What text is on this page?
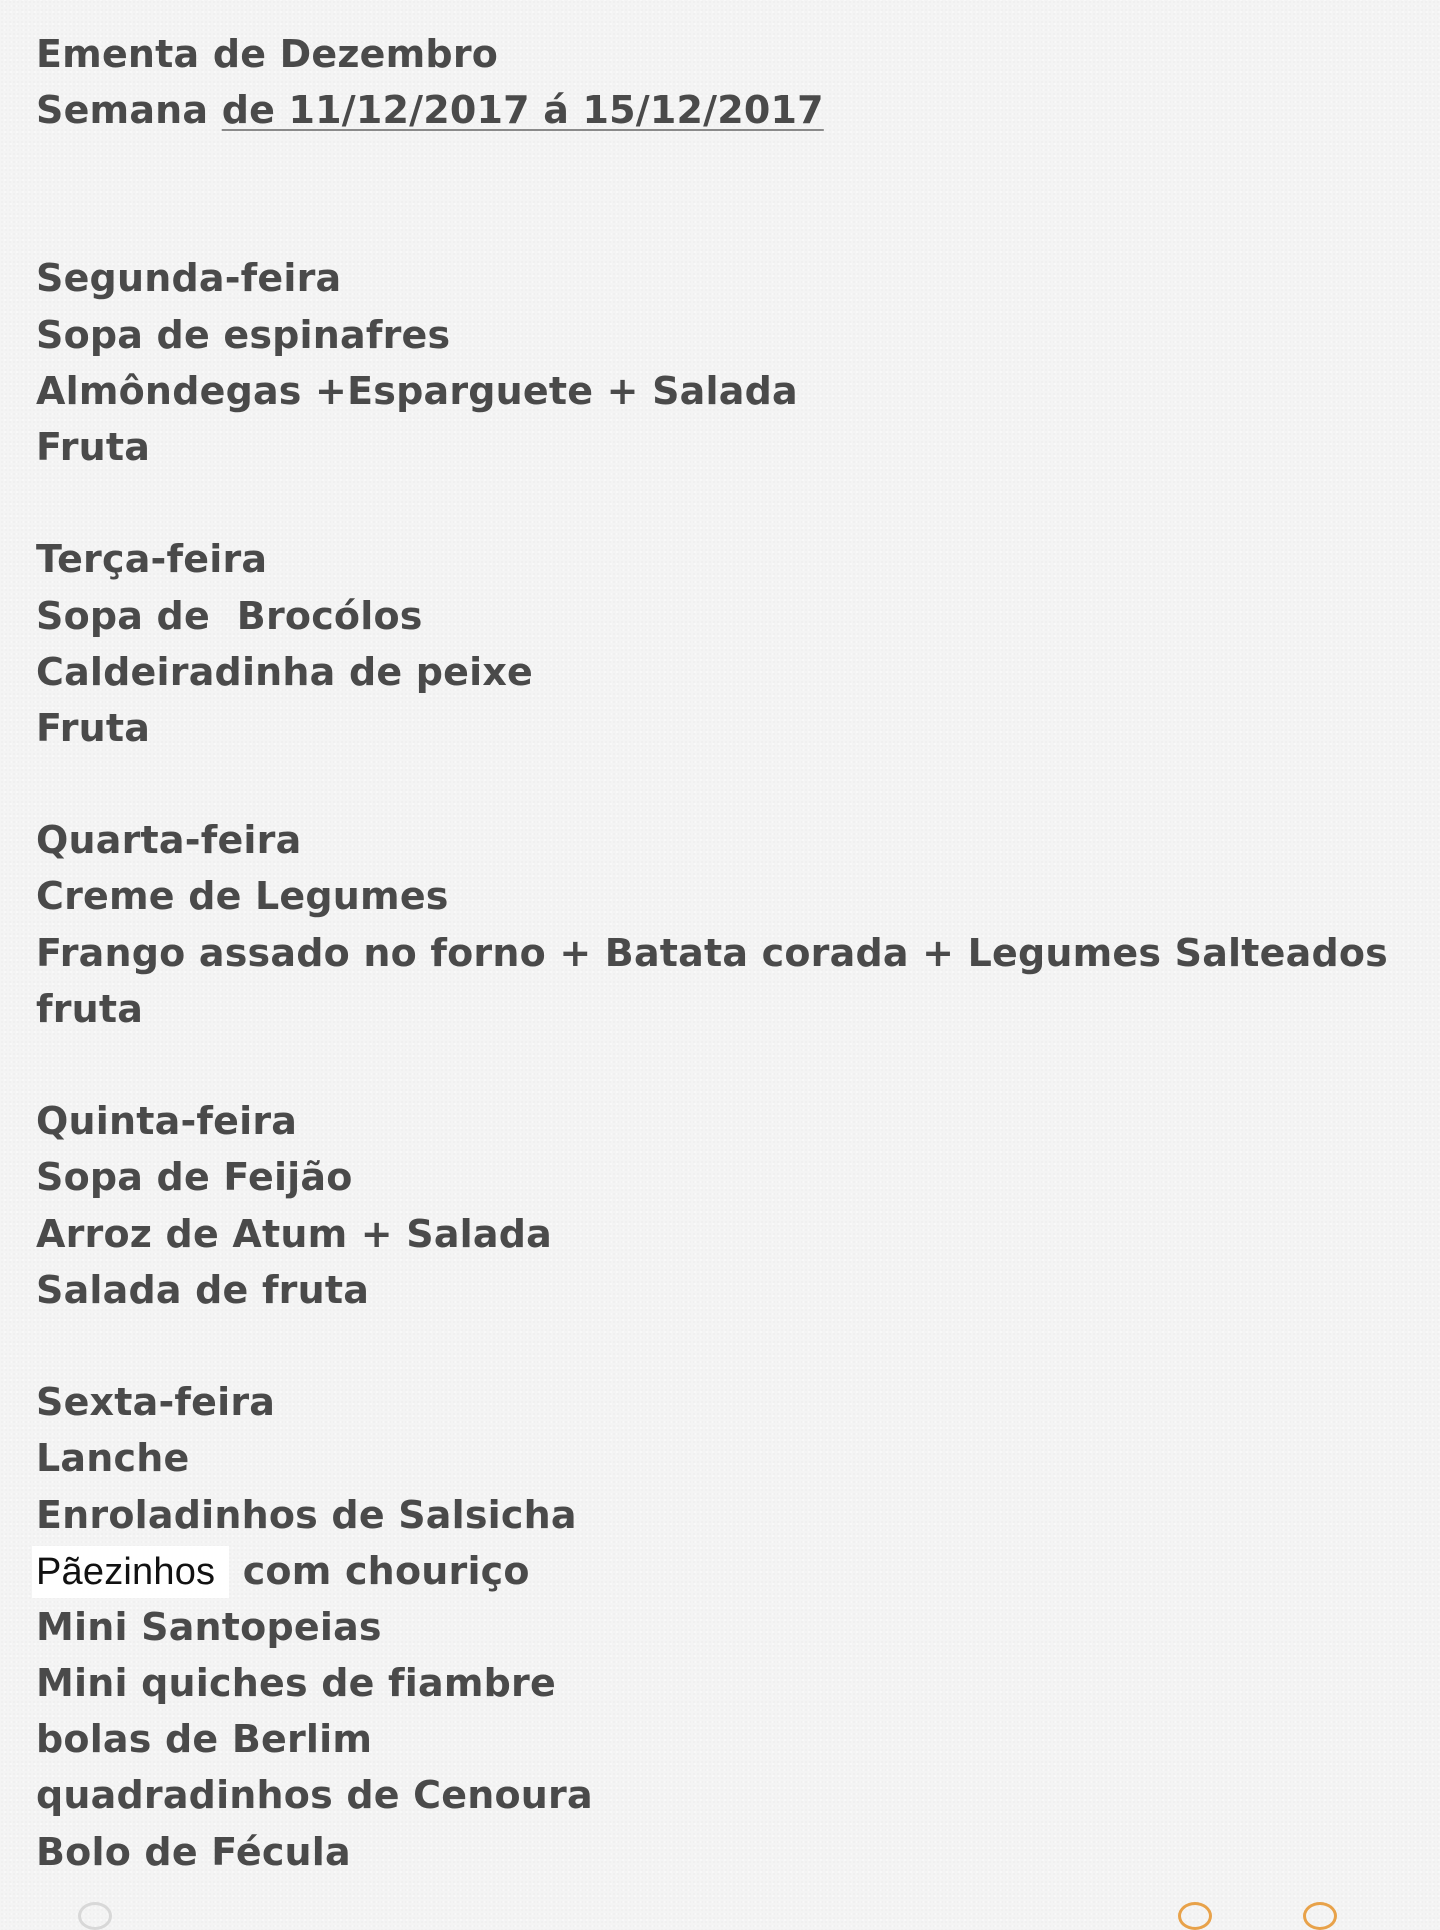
Ementa de Dezembro
Semana de 11/12/2017 á 15/12/2017
Segunda-feira
Sopa de espinafres
Almôndegas +Esparguete + Salada
Fruta
Terça-feira
Sopa de  Brocólos
Caldeiradinha de peixe
Fruta
Quarta-feira
Creme de Legumes
Frango assado no forno + Batata corada + Legumes Salteados
fruta
Quinta-feira
Sopa de Feijão
Arroz de Atum + Salada
Salada de fruta
Sexta-feira
Lanche
Enroladinhos de Salsicha
Pãezinhos com chouriço
Mini Santopeias
Mini quiches de fiambre
bolas de Berlim
quadradinhos de Cenoura
Bolo de Fécula
